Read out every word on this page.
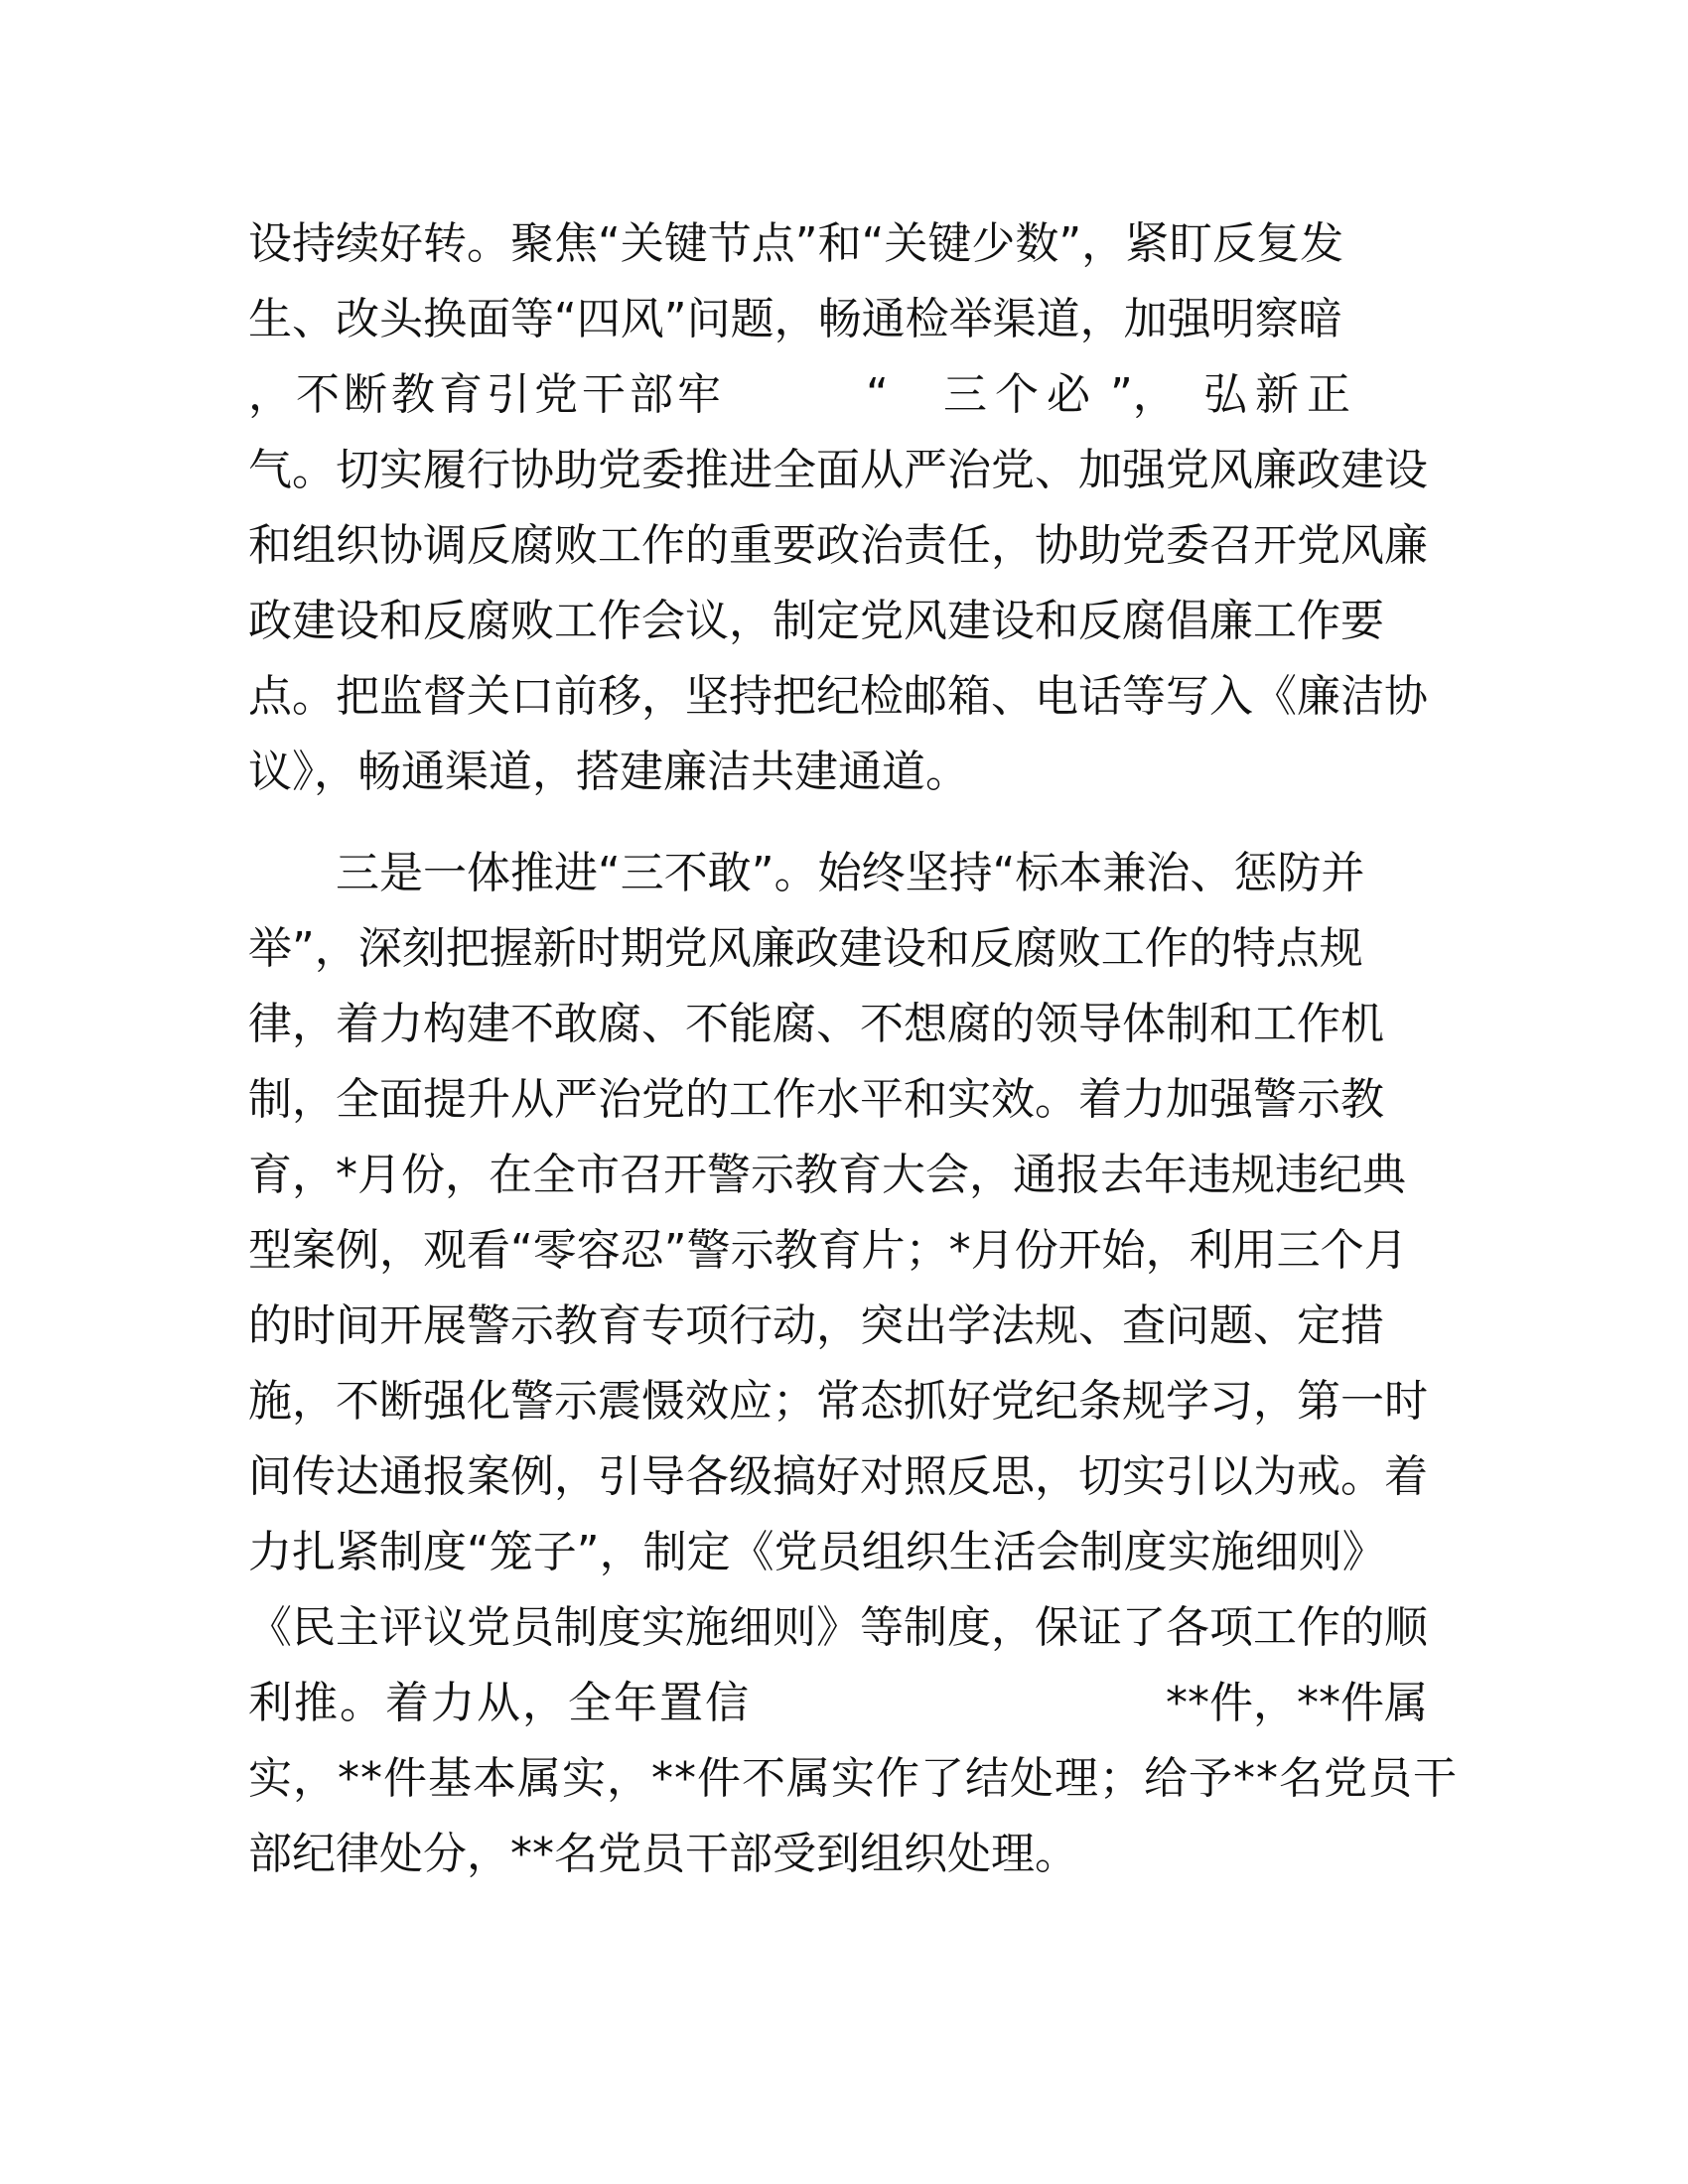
设持续好转。聚焦“关键节点”和“关键少数”，紧盯反复发
生、改头换面等“四风”问题，畅通检举渠道，加强明察暗
，不断教育引党干部牢	“ 三个必 ”， 弘新正
气。切实履行协助党委推进全面从严治党、加强党风廉政建设
和组织协调反腐败工作的重要政治责任，协助党委召开党风廉
政建设和反腐败工作会议，制定党风建设和反腐倡廉工作要
点。把监督关口前移，坚持把纪检邮箱、电话等写入《廉洁协
议》，畅通渠道，搭建廉洁共建通道。
三是一体推进“三不敢”。始终坚持“标本兼治、惩防并
举”，深刻把握新时期党风廉政建设和反腐败工作的特点规
律，着力构建不敢腐、不能腐、不想腐的领导体制和工作机
制，全面提升从严治党的工作水平和实效。着力加强警示教
育，*月份，在全市召开警示教育大会，通报去年违规违纪典
型案例，观看“零容忍”警示教育片；*月份开始，利用三个月
的时间开展警示教育专项行动，突出学法规、查问题、定措
施，不断强化警示震慑效应；常态抓好党纪条规学习，第一时
间传达通报案例，引导各级搞好对照反思，切实引以为戒。着
力扎紧制度“笼子”，制定《党员组织生活会制度实施细则》
《民主评议党员制度实施细则》等制度，保证了各项工作的顺
利推。着力从，全年置信	**件，**件属
实，**件基本属实，**件不属实作了结处理；给予**名党员干
部纪律处分，**名党员干部受到组织处理。
